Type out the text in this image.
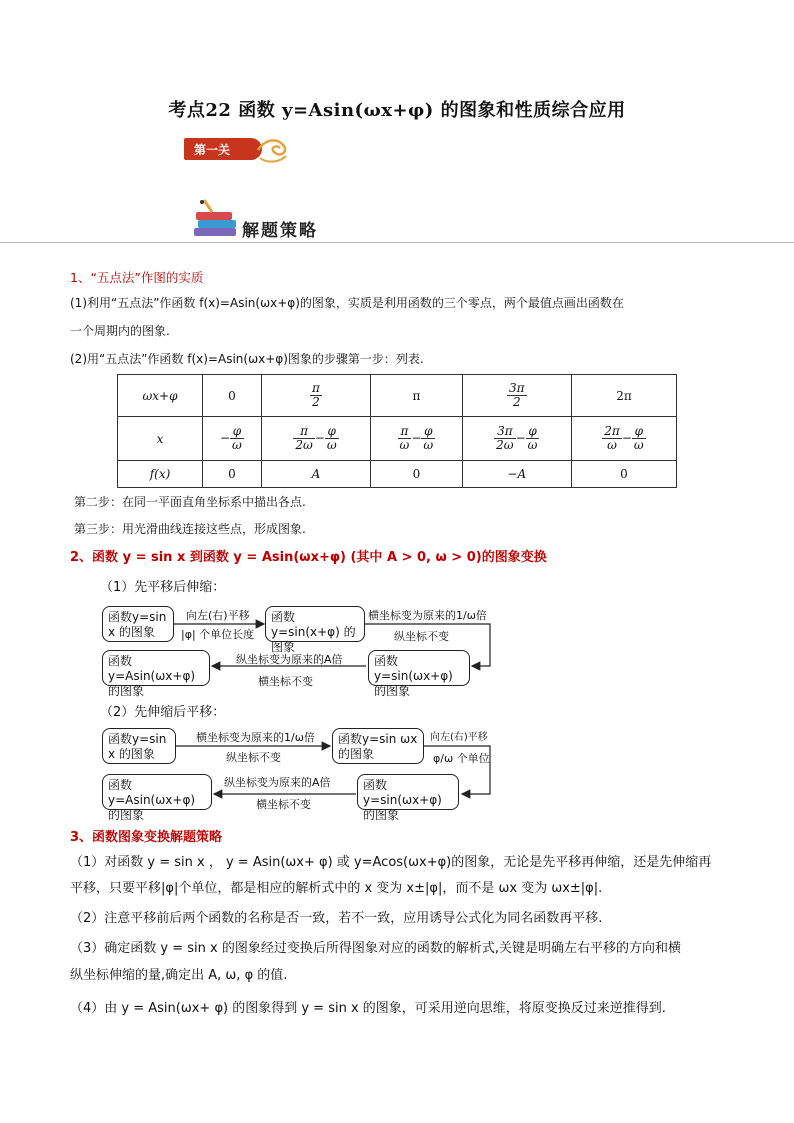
考点22 函数 y=Asin(ωx+φ) 的图象和性质综合应用
第一关
解题策略
1、“五点法”作图的实质
(1)利用“五点法”作函数 f(x)=Asin(ωx+φ)的图象，实质是利用函数的三个零点，两个最值点画出函数在
一个周期内的图象.
(2)用“五点法”作函数 f(x)=Asin(ωx+φ)图象的步骤第一步：列表.
ωx+φ	0	$\frac{\pi}{2}$	π	$\frac{3\pi}{2}$	2π
x	− $\frac{\varphi}{\omega}$	$\frac{\pi}{2\omega} - \frac{\varphi}{\omega}$	$\frac{\pi}{\omega} - \frac{\varphi}{\omega}$	$\frac{3\pi}{2\omega} - \frac{\varphi}{\omega}$	$\frac{2\pi}{\omega} - \frac{\varphi}{\omega}$

f(x)	0	A	0	−A	0
第二步：在同一平面直角坐标系中描出各点.
第三步：用光滑曲线连接这些点，形成图象.
2、函数 y = sin x 到函数 y = Asin(ωx+φ) (其中 A > 0, ω > 0)的图象变换
（1）先平移后伸缩：
函数y=sin x 的图象
向左(右)平移
|φ| 个单位长度
函数y=sin(x+φ) 的图象
横坐标变为原来的1/ω倍
纵坐标不变
函数y=Asin(ωx+φ) 的图象
纵坐标变为原来的A倍
横坐标不变
函数y=sin(ωx+φ) 的图象
（2）先伸缩后平移：
函数y=sin x 的图象
横坐标变为原来的1/ω倍
纵坐标不变
函数y=sin ωx 的图象
向左(右)平移
φ/ω 个单位
函数y=Asin(ωx+φ) 的图象
纵坐标变为原来的A倍
横坐标不变
函数y=sin(ωx+φ) 的图象
3、函数图象变换解题策略
（1）对函数 y = sin x ， y = Asin(ωx+ φ) 或 y=Acos(ωx+φ)的图象，无论是先平移再伸缩，还是先伸缩再
平移，只要平移|φ|个单位，都是相应的解析式中的 x 变为 x±|φ|，而不是 ωx 变为 ωx±|φ|.
（2）注意平移前后两个函数的名称是否一致，若不一致，应用诱导公式化为同名函数再平移.
（3）确定函数 y = sin x 的图象经过变换后所得图象对应的函数的解析式,关键是明确左右平移的方向和横
纵坐标伸缩的量,确定出 A, ω, φ 的值.
（4）由 y = Asin(ωx+ φ) 的图象得到 y = sin x 的图象，可采用逆向思维，将原变换反过来逆推得到.
